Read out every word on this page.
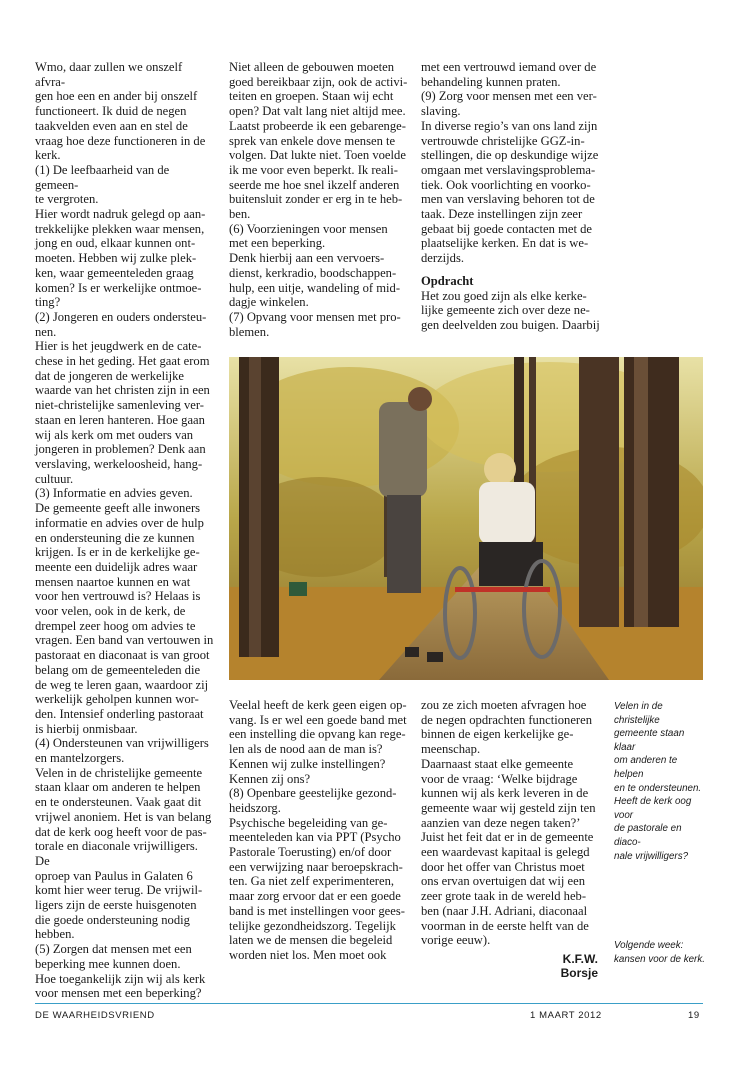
Wmo, daar zullen we onszelf afvra-
gen hoe een en ander bij onszelf
functioneert. Ik duid de negen
taakvelden even aan en stel de
vraag hoe deze functioneren in de
kerk.
(1) De leefbaarheid van de gemeen-
te vergroten.
Hier wordt nadruk gelegd op aan-
trekkelijke plekken waar mensen,
jong en oud, elkaar kunnen ont-
moeten. Hebben wij zulke plek-
ken, waar gemeenteleden graag
komen? Is er werkelijke ontmoe-
ting?
(2) Jongeren en ouders ondersteu-
nen.
Hier is het jeugdwerk en de cate-
chese in het geding. Het gaat erom
dat de jongeren de werkelijke
waarde van het christen zijn in een
niet-christelijke samenleving ver-
staan en leren hanteren. Hoe gaan
wij als kerk om met ouders van
jongeren in problemen? Denk aan
verslaving, werkeloosheid, hang-
cultuur.
(3) Informatie en advies geven.
De gemeente geeft alle inwoners
informatie en advies over de hulp
en ondersteuning die ze kunnen
krijgen. Is er in de kerkelijke ge-
meente een duidelijk adres waar
mensen naartoe kunnen en wat
voor hen vertrouwd is? Helaas is
voor velen, ook in de kerk, de
drempel zeer hoog om advies te
vragen. Een band van vertouwen in
pastoraat en diaconaat is van groot
belang om de gemeenteleden die
de weg te leren gaan, waardoor zij
werkelijk geholpen kunnen wor-
den. Intensief onderling pastoraat
is hierbij onmisbaar.
(4) Ondersteunen van vrijwilligers
en mantelzorgers.
Velen in de christelijke gemeente
staan klaar om anderen te helpen
en te ondersteunen. Vaak gaat dit
vrijwel anoniem. Het is van belang
dat de kerk oog heeft voor de pas-
torale en diaconale vrijwilligers. De
oproep van Paulus in Galaten 6
komt hier weer terug. De vrijwil-
ligers zijn de eerste huisgenoten
die goede ondersteuning nodig
hebben.
(5) Zorgen dat mensen met een
beperking mee kunnen doen.
Hoe toegankelijk zijn wij als kerk
voor mensen met een beperking?
Niet alleen de gebouwen moeten
goed bereikbaar zijn, ook de activi-
teiten en groepen. Staan wij echt
open? Dat valt lang niet altijd mee.
Laatst probeerde ik een gebarenge-
sprek van enkele dove mensen te
volgen. Dat lukte niet. Toen voelde
ik me voor even beperkt. Ik reali-
seerde me hoe snel ikzelf anderen
buitensluit zonder er erg in te heb-
ben.
(6) Voorzieningen voor mensen
met een beperking.
Denk hierbij aan een vervoers-
dienst, kerkradio, boodschappen-
hulp, een uitje, wandeling of mid-
dagje winkelen.
(7) Opvang voor mensen met pro-
blemen.
met een vertrouwd iemand over de
behandeling kunnen praten.
(9) Zorg voor mensen met een ver-
slaving.
In diverse regio’s van ons land zijn
vertrouwde christelijke GGZ-in-
stellingen, die op deskundige wijze
omgaan met verslavingsproblema-
tiek. Ook voorlichting en voorko-
men van verslaving behoren tot de
taak. Deze instellingen zijn zeer
gebaat bij goede contacten met de
plaatselijke kerken. En dat is we-
derzijds.
Opdracht
Het zou goed zijn als elke kerke-
lijke gemeente zich over deze ne-
gen deelvelden zou buigen. Daarbij
Veelal heeft de kerk geen eigen op-
vang. Is er wel een goede band met
een instelling die opvang kan rege-
len als de nood aan de man is?
Kennen wij zulke instellingen?
Kennen zij ons?
(8) Openbare geestelijke gezond-
heidszorg.
Psychische begeleiding van ge-
meenteleden kan via PPT (Psycho
Pastorale Toerusting) en/of door
een verwijzing naar beroepskrach-
ten. Ga niet zelf experimenteren,
maar zorg ervoor dat er een goede
band is met instellingen voor gees-
telijke gezondheidszorg. Tegelijk
laten we de mensen die begeleid
worden niet los. Men moet ook
zou ze zich moeten afvragen hoe
de negen opdrachten functioneren
binnen de eigen kerkelijke ge-
meenschap.
Daarnaast staat elke gemeente
voor de vraag: ‘Welke bijdrage
kunnen wij als kerk leveren in de
gemeente waar wij gesteld zijn ten
aanzien van deze negen taken?’
Juist het feit dat er in de gemeente
een waardevast kapitaal is gelegd
door het offer van Christus moet
ons ervan overtuigen dat wij een
zeer grote taak in de wereld heb-
ben (naar J.H. Adriani, diaconaal
voorman in de eerste helft van de
vorige eeuw).
K.F.W. Borsje
Velen in de christelijke
gemeente staan klaar
om anderen te helpen
en te ondersteunen.
Heeft de kerk oog voor
de pastorale en diaco-
nale vrijwilligers?
Volgende week:
kansen voor de kerk.
DE WAARHEIDSVRIEND	1 MAART 2012	19
